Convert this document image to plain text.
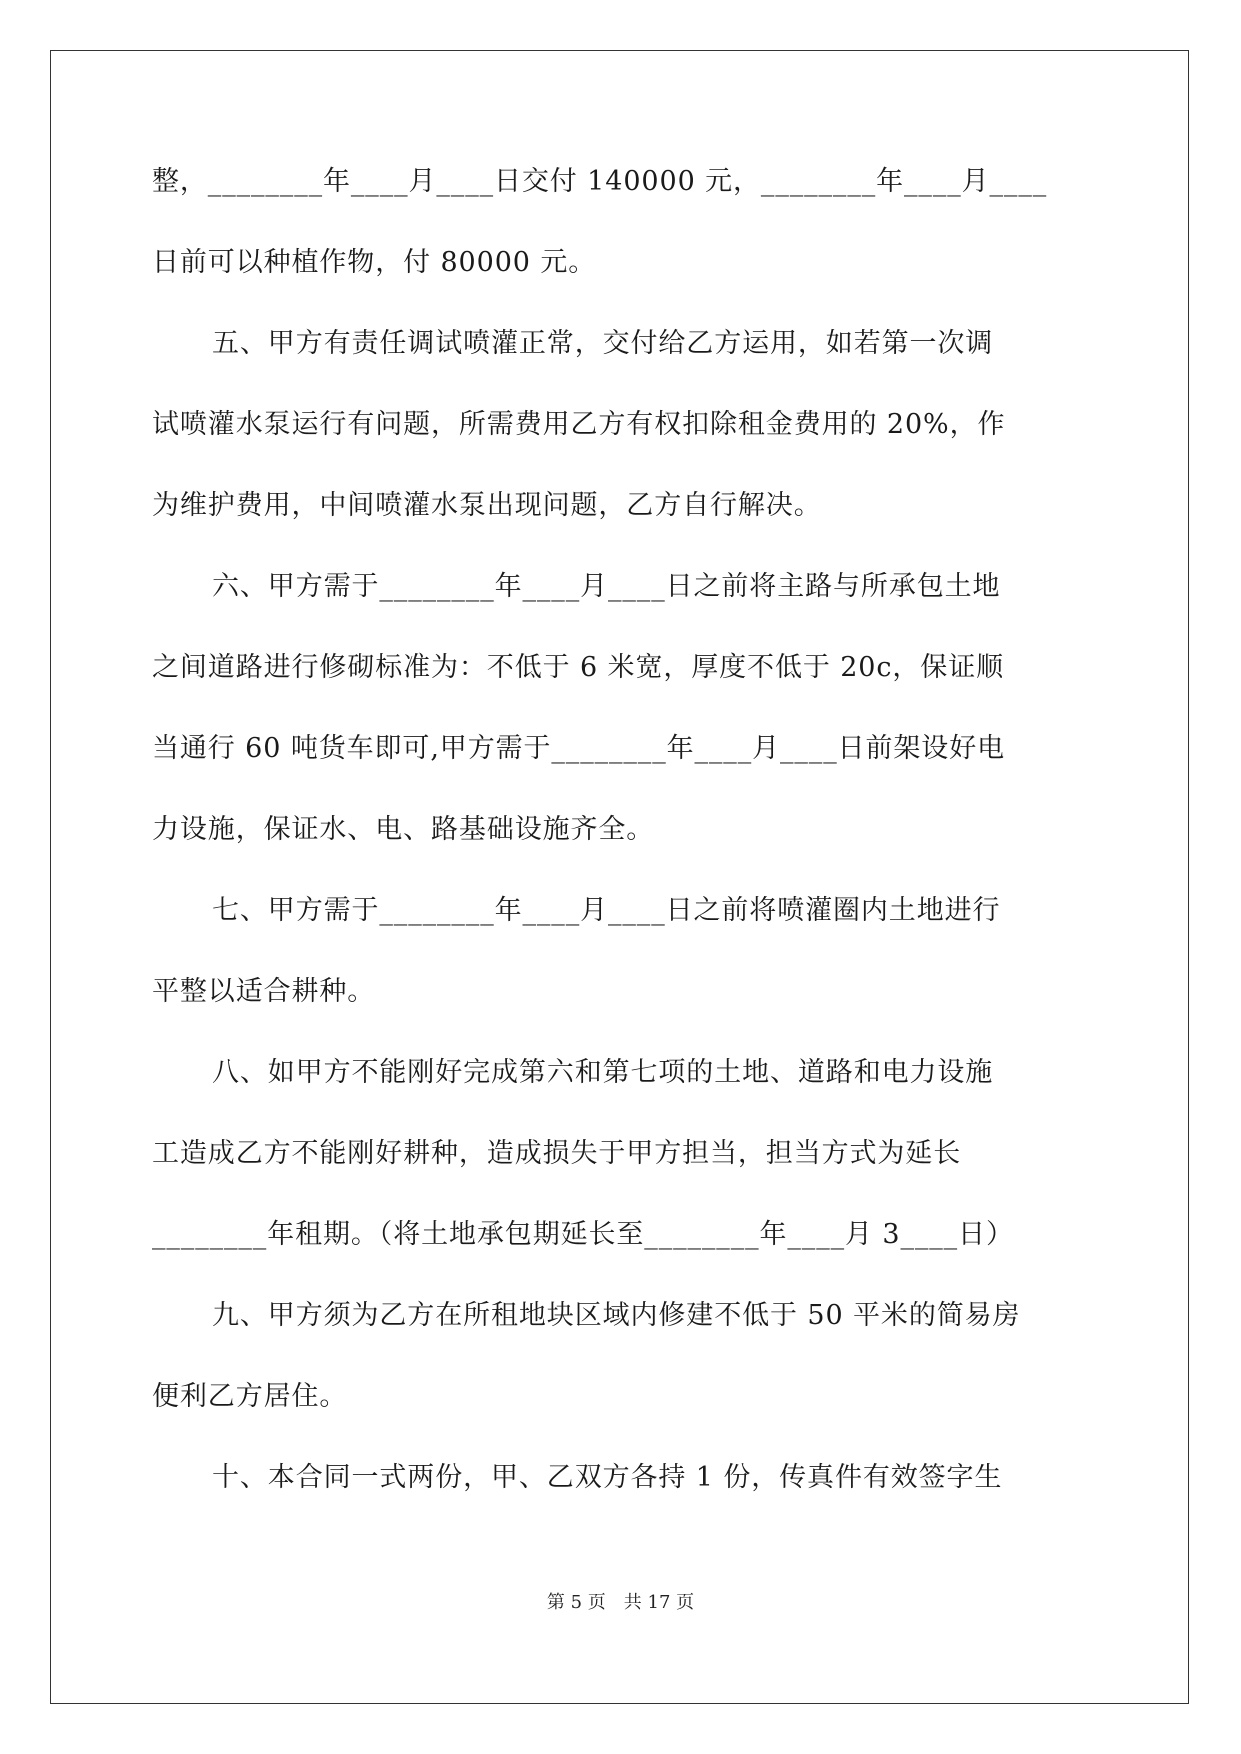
整，________年____月____日交付 140000 元，________年____月____
日前可以种植作物，付 80000 元。
五、甲方有责任调试喷灌正常，交付给乙方运用，如若第一次调
试喷灌水泵运行有问题，所需费用乙方有权扣除租金费用的 20%，作
为维护费用，中间喷灌水泵出现问题，乙方自行解决。
六、甲方需于________年____月____日之前将主路与所承包土地
之间道路进行修砌标准为：不低于 6 米宽，厚度不低于 20c，保证顺
当通行 60 吨货车即可,甲方需于________年____月____日前架设好电
力设施，保证水、电、路基础设施齐全。
七、甲方需于________年____月____日之前将喷灌圈内土地进行
平整以适合耕种。
八、如甲方不能刚好完成第六和第七项的土地、道路和电力设施
工造成乙方不能刚好耕种，造成损失于甲方担当，担当方式为延长
________年租期。（将土地承包期延长至________年____月 3____日）
九、甲方须为乙方在所租地块区域内修建不低于 50 平米的简易房
便利乙方居住。
十、本合同一式两份，甲、乙双方各持 1 份，传真件有效签字生
第 5 页 共 17 页
